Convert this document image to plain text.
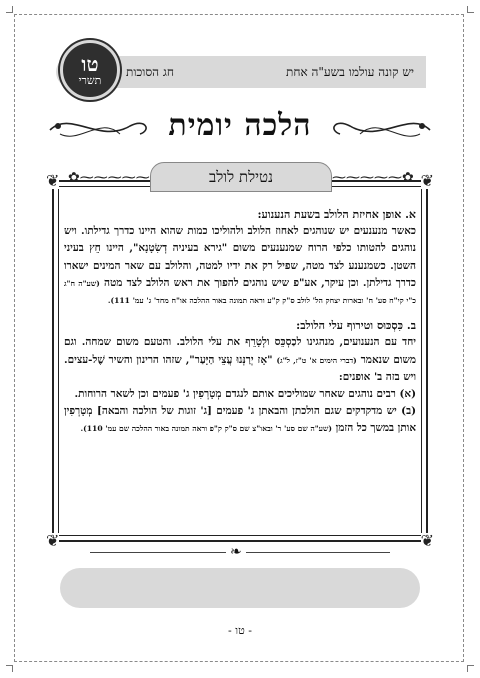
יש קונה עולמו בשע"ה אחת
חג הסוכות
טו
תשרי
הלכה יומית
❦	❦
❦	❦
✿⁓⁓⁓⁓⁓	⁓⁓⁓⁓⁓✿
נטילת לולב

א. אופן אחיזת הלולב בשעת הנענוע:

כאשר מנענעים יש שנוהגים לאחוז הלולב ולהוליכו כמות שהוא היינו כדרך גדילתו. ויש נוהגים להטותו כלפי הרוח שמנענעים משום "גירא בעיניה דְשִׂטָנָא", היינו חֵץ בעיני השטן. כשמנענע לצד מטה, שפיל רק את ידיו למטה, והלולב עם שאר המינים ישארו כדרך גדילתן. וכן עיקר, אע"פ שיש נוהגים להפוך את ראש הלולב לצד מטה (שע"ה ח"ג כ"י קי"ח סע' ח' ובארות יצחק הל' לולב ס"ק ק"ע וראה תמונה באור ההלכה או"ח מחד' ג' עמ' 111).

ב. כִּסְכּוּס וטירוף עלי הלולב:

יחד עם הנענועים, מנהגינו לכַסְכֵּס ולְטָרֵף את עלי הלולב. והטעם משום שמחה. וגם משום שנאמר (דברי הימים א' ט"ז, ל"ג) "אָז יְרַנְּנוּ עֲצֵי הַיָּעַר", שזהו הרינון והשיר שֶׁל-עצים. ויש בזה ב' אופנים:

(א) רבים נוהגים שאחר שמוליכים אותם לנגדם מְטָרְפִין ג' פעמים וכן לשאר הרוחות.

(ב) יש מדקדקים שגם הולכתן והבאתן ג' פעמים [ג' זוגות של הולכה והבאה] מְטָרְפִין אותן במשך כל הזמן (שע"ה שם סע' ר' ובאו"צ שם ס"ק ק"פ וראה תמונה באור ההלכה שם עמ' 110).

❧
- טו -
